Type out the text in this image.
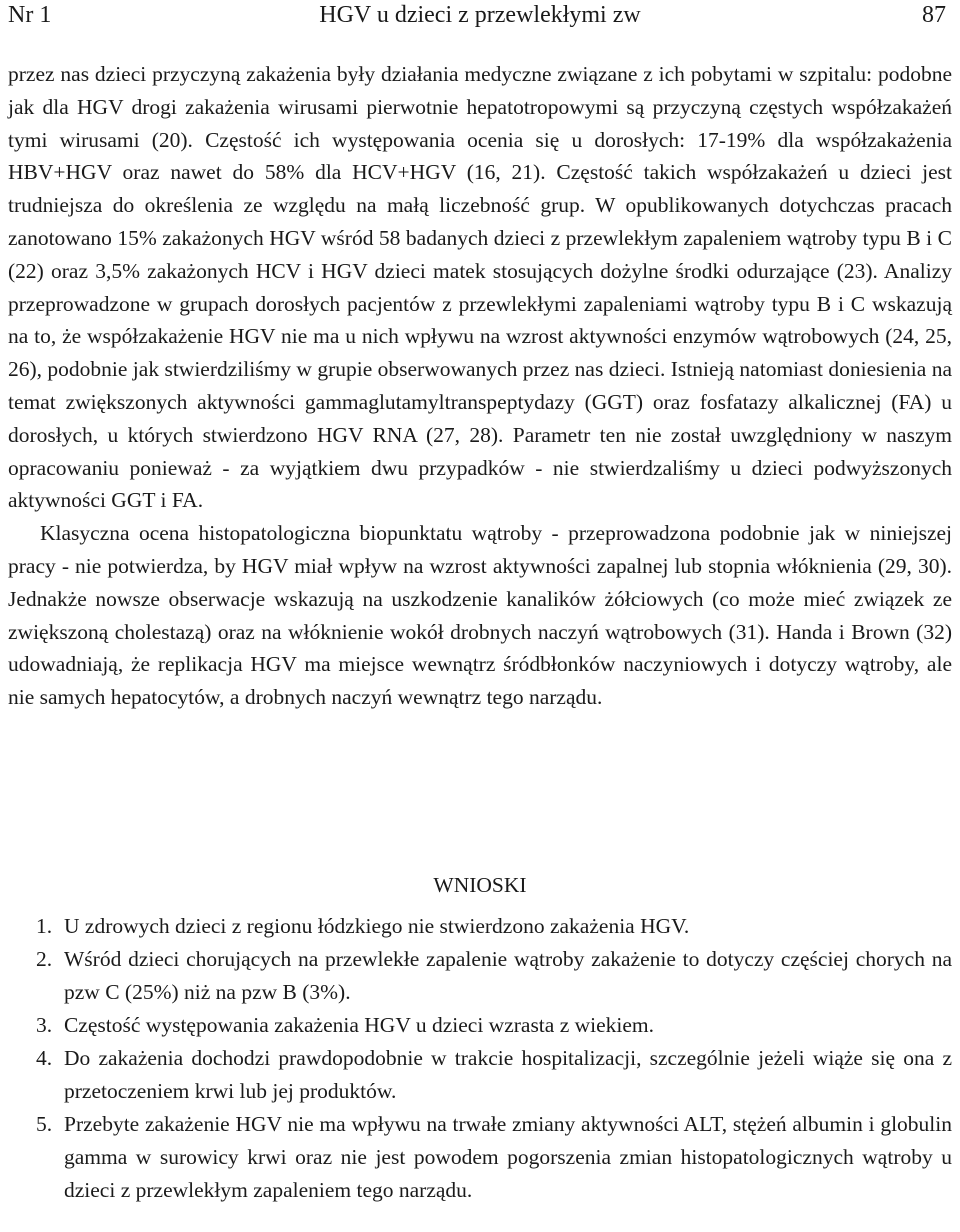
Nr 1	HGV u dzieci z przewlekłymi zw	87

przez nas dzieci przyczyną zakażenia były działania medyczne związane z ich pobytami w szpitalu: podobne jak dla HGV drogi zakażenia wirusami pierwotnie hepatotropowymi są przyczyną częstych współzakażeń tymi wirusami (20). Częstość ich występowania ocenia się u dorosłych: 17-19% dla współzakażenia HBV+HGV oraz nawet do 58% dla HCV+HGV (16, 21). Częstość takich współzakażeń u dzieci jest trudniejsza do określenia ze względu na małą liczebność grup. W opublikowanych dotychczas pracach zanotowano 15% zakażonych HGV wśród 58 badanych dzieci z przewlekłym zapaleniem wątroby typu B i C (22) oraz 3,5% zakażonych HCV i HGV dzieci matek stosujących dożylne środki odurzające (23). Analizy przeprowadzone w grupach dorosłych pacjentów z przewlekłymi zapaleniami wątroby typu B i C wskazują na to, że współzakażenie HGV nie ma u nich wpływu na wzrost aktywności enzymów wątrobowych (24, 25, 26), podobnie jak stwierdziliśmy w grupie obserwowanych przez nas dzieci. Istnieją natomiast doniesienia na temat zwiększonych aktywności gammaglutamyltranspeptydazy (GGT) oraz fosfatazy alkalicznej (FA) u dorosłych, u których stwierdzono HGV RNA (27, 28). Parametr ten nie został uwzględniony w naszym opracowaniu ponieważ - za wyjątkiem dwu przypadków - nie stwierdzaliśmy u dzieci podwyższonych aktywności GGT i FA.

Klasyczna ocena histopatologiczna biopunktatu wątroby - przeprowadzona podobnie jak w niniejszej pracy - nie potwierdza, by HGV miał wpływ na wzrost aktywności zapalnej lub stopnia włóknienia (29, 30). Jednakże nowsze obserwacje wskazują na uszkodzenie kanalików żółciowych (co może mieć związek ze zwiększoną cholestazą) oraz na włóknienie wokół drobnych naczyń wątrobowych (31). Handa i Brown (32) udowadniają, że replikacja HGV ma miejsce wewnątrz śródbłonków naczyniowych i dotyczy wątroby, ale nie samych hepatocytów, a drobnych naczyń wewnątrz tego narządu.

WNIOSKI
1. U zdrowych dzieci z regionu łódzkiego nie stwierdzono zakażenia HGV.
2. Wśród dzieci chorujących na przewlekłe zapalenie wątroby zakażenie to dotyczy częściej chorych na pzw C (25%) niż na pzw B (3%).
3. Częstość występowania zakażenia HGV u dzieci wzrasta z wiekiem.
4. Do zakażenia dochodzi prawdopodobnie w trakcie hospitalizacji, szczególnie jeżeli wiąże się ona z przetoczeniem krwi lub jej produktów.
5. Przebyte zakażenie HGV nie ma wpływu na trwałe zmiany aktywności ALT, stężeń albumin i globulin gamma w surowicy krwi oraz nie jest powodem pogorszenia zmian histopatologicznych wątroby u dzieci z przewlekłym zapaleniem tego narządu.
